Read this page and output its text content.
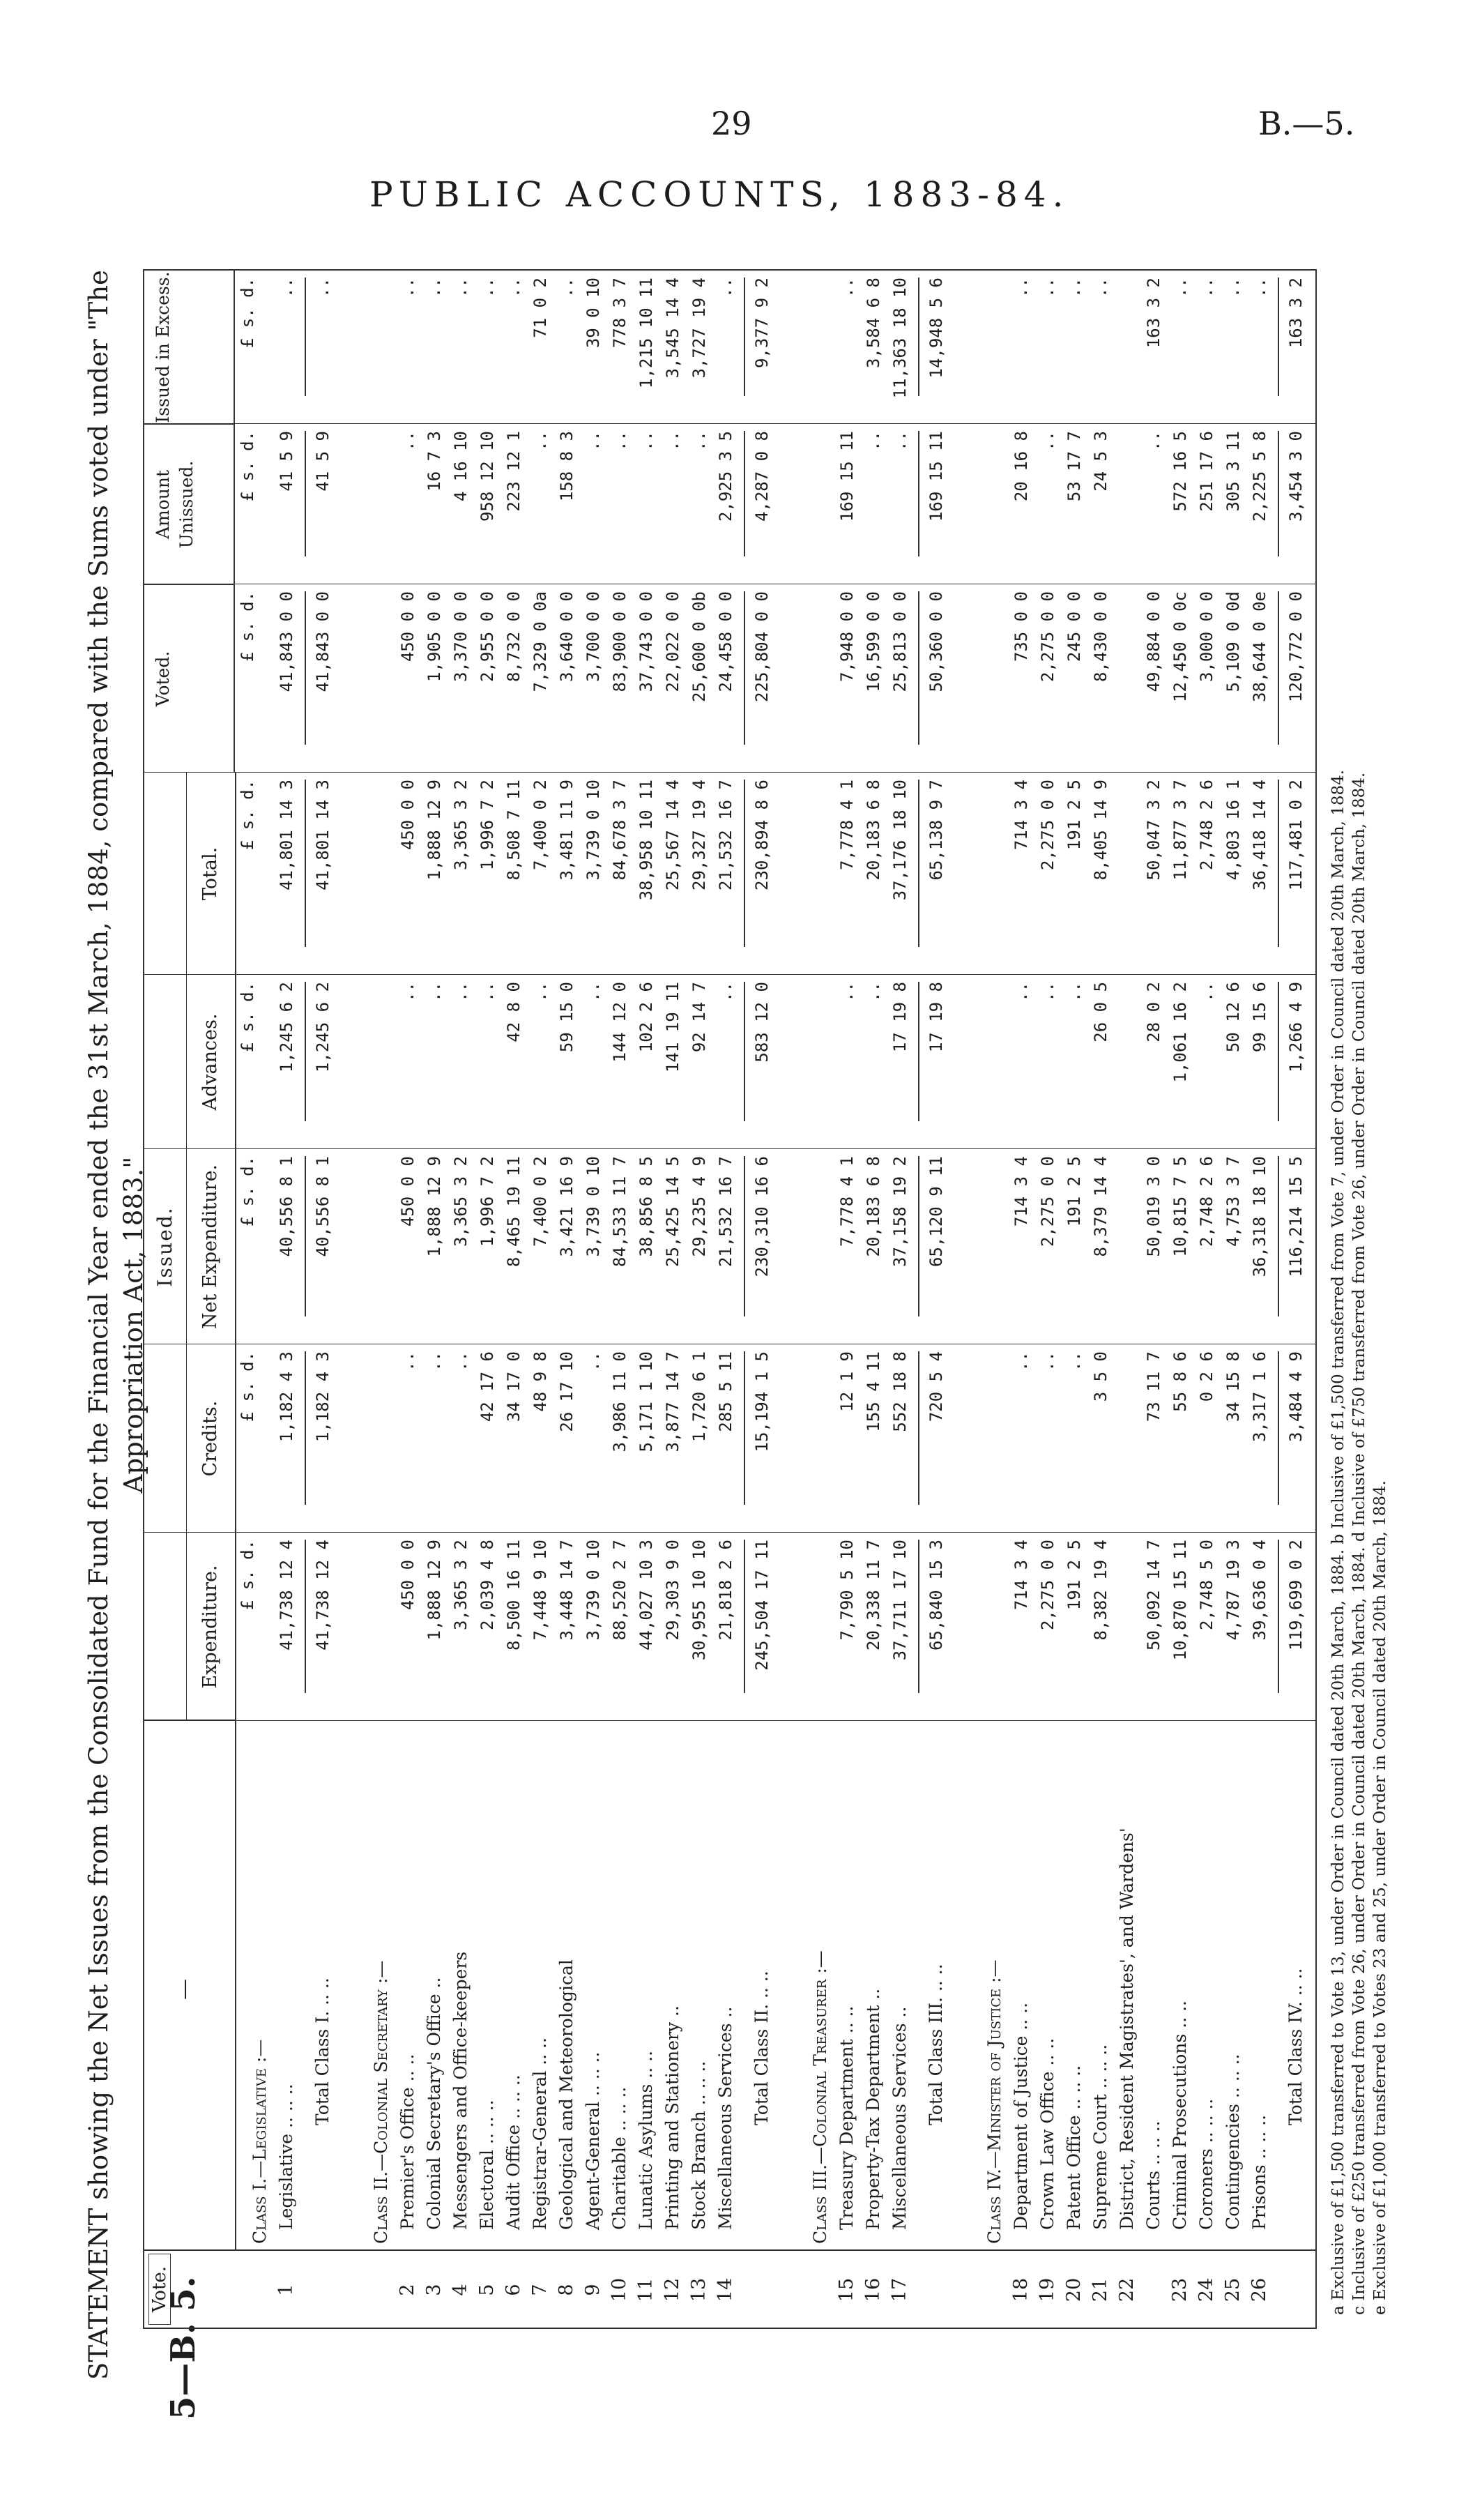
29	B.—5.
PUBLIC ACCOUNTS, 1883-84.
STATEMENT showing the Net Issues from the Consolidated Fund for the Financial Year ended the 31st March, 1884, compared with the Sums voted under "The Appropriation Act, 1883."
5—B. 5.
Vote.
—
Issued.
Expenditure.
Credits.
Net Expenditure.
Advances.
Total.
Voted.
Amount Unissued.
Issued in Excess.
Class I.—Legislative :—
1
Legislative .. .. ..
41,738 12 4
1,182 4 3
40,556 8 1
1,245 6 2
41,801 14 3
41,843 0 0
41 5 9
..
Total Class I. .. ..
41,738 12 4
1,182 4 3
40,556 8 1
1,245 6 2
41,801 14 3
41,843 0 0
41 5 9
..
Class II.—Colonial Secretary :—
2
Premier's Office .. ..
450 0 0
..
450 0 0
..
450 0 0
450 0 0
..
..
3
Colonial Secretary's Office ..
1,888 12 9
..
1,888 12 9
..
1,888 12 9
1,905 0 0
16 7 3
..
4
Messengers and Office-keepers
3,365 3 2
..
3,365 3 2
..
3,365 3 2
3,370 0 0
4 16 10
..
5
Electoral .. .. ..
2,039 4 8
42 17 6
1,996 7 2
..
1,996 7 2
2,955 0 0
958 12 10
..
6
Audit Office .. .. ..
8,500 16 11
34 17 0
8,465 19 11
42 8 0
8,508 7 11
8,732 0 0
223 12 1
..
7
Registrar-General .. ..
7,448 9 10
48 9 8
7,400 0 2
..
7,400 0 2
7,329 0 0a
..
71 0 2
8
Geological and Meteorological
3,448 14 7
26 17 10
3,421 16 9
59 15 0
3,481 11 9
3,640 0 0
158 8 3
..
9
Agent-General .. .. ..
3,739 0 10
..
3,739 0 10
..
3,739 0 10
3,700 0 0
..
39 0 10
10
Charitable .. .. ..
88,520 2 7
3,986 11 0
84,533 11 7
144 12 0
84,678 3 7
83,900 0 0
..
778 3 7
11
Lunatic Asylums .. ..
44,027 10 3
5,171 1 10
38,856 8 5
102 2 6
38,958 10 11
37,743 0 0
..
1,215 10 11
12
Printing and Stationery ..
29,303 9 0
3,877 14 7
25,425 14 5
141 19 11
25,567 14 4
22,022 0 0
..
3,545 14 4
13
Stock Branch .. .. ..
30,955 10 10
1,720 6 1
29,235 4 9
92 14 7
29,327 19 4
25,600 0 0b
..
3,727 19 4
14
Miscellaneous Services ..
21,818 2 6
285 5 11
21,532 16 7
..
21,532 16 7
24,458 0 0
2,925 3 5
..
Total Class II. .. ..
245,504 17 11
15,194 1 5
230,310 16 6
583 12 0
230,894 8 6
225,804 0 0
4,287 0 8
9,377 9 2
Class III.—Colonial Treasurer :—
15
Treasury Department .. ..
7,790 5 10
12 1 9
7,778 4 1
..
7,778 4 1
7,948 0 0
169 15 11
..
16
Property-Tax Department ..
20,338 11 7
155 4 11
20,183 6 8
..
20,183 6 8
16,599 0 0
..
3,584 6 8
17
Miscellaneous Services ..
37,711 17 10
552 18 8
37,158 19 2
17 19 8
37,176 18 10
25,813 0 0
..
11,363 18 10
Total Class III. .. ..
65,840 15 3
720 5 4
65,120 9 11
17 19 8
65,138 9 7
50,360 0 0
169 15 11
14,948 5 6
Class IV.—Minister of Justice :—
18
Department of Justice .. ..
714 3 4
..
714 3 4
..
714 3 4
735 0 0
20 16 8
..
19
Crown Law Office .. ..
2,275 0 0
..
2,275 0 0
..
2,275 0 0
2,275 0 0
..
..
20
Patent Office .. .. ..
191 2 5
..
191 2 5
..
191 2 5
245 0 0
53 17 7
..
21
Supreme Court .. .. ..
8,382 19 4
3 5 0
8,379 14 4
26 0 5
8,405 14 9
8,430 0 0
24 5 3
..
22
District, Resident Magistrates', and Wardens' Courts .. .. ..
50,092 14 7
73 11 7
50,019 3 0
28 0 2
50,047 3 2
49,884 0 0
..
163 3 2
23
Criminal Prosecutions .. ..
10,870 15 11
55 8 6
10,815 7 5
1,061 16 2
11,877 3 7
12,450 0 0c
572 16 5
..
24
Coroners .. .. ..
2,748 5 0
0 2 6
2,748 2 6
..
2,748 2 6
3,000 0 0
251 17 6
..
25
Contingencies .. .. ..
4,787 19 3
34 15 8
4,753 3 7
50 12 6
4,803 16 1
5,109 0 0d
305 3 11
..
26
Prisons .. .. ..
39,636 0 4
3,317 1 6
36,318 18 10
99 15 6
36,418 14 4
38,644 0 0e
2,225 5 8
..
Total Class IV. .. ..
119,699 0 2
3,484 4 9
116,214 15 5
1,266 4 9
117,481 0 2
120,772 0 0
3,454 3 0
163 3 2
£ s. d.
£ s. d.
£ s. d.
£ s. d.
£ s. d.
£ s. d.
£ s. d.
£ s. d.
a Exclusive of £1,500 transferred to Vote 13, under Order in Council dated 20th March, 1884. b Inclusive of £1,500 transferred from Vote 7, under Order in Council dated 20th March, 1884. c Inclusive of £250 transferred from Vote 26, under Order in Council dated 20th March, 1884. d Inclusive of £750 transferred from Vote 26, under Order in Council dated 20th March, 1884. e Exclusive of £1,000 transferred to Votes 23 and 25, under Order in Council dated 20th March, 1884.
